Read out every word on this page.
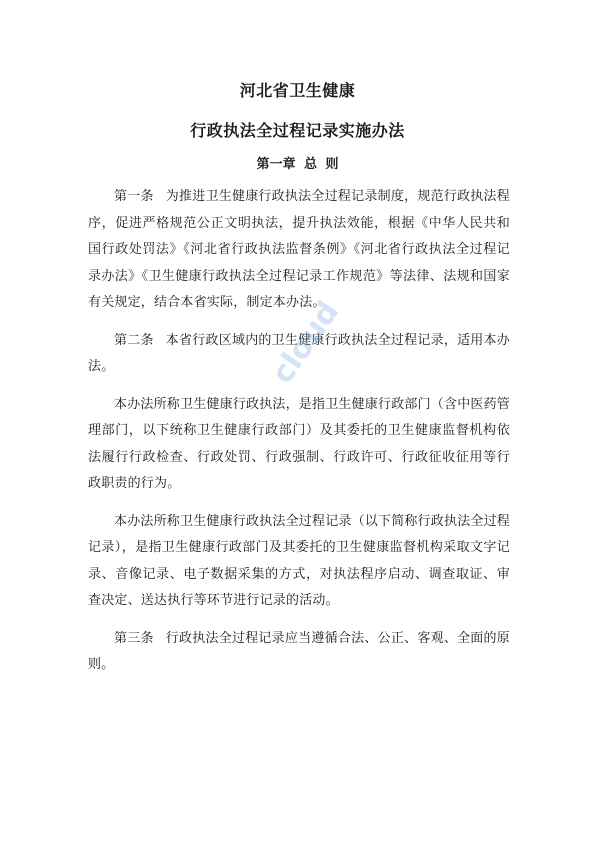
河北省卫生健康
行政执法全过程记录实施办法
第一章 总 则

第一条 为推进卫生健康行政执法全过程记录制度，规范行政执法程序，促进严格规范公正文明执法，提升执法效能，根据《中华人民共和国行政处罚法》《河北省行政执法监督条例》《河北省行政执法全过程记录办法》《卫生健康行政执法全过程记录工作规范》等法律、法规和国家有关规定，结合本省实际，制定本办法。

第二条 本省行政区域内的卫生健康行政执法全过程记录，适用本办法。

本办法所称卫生健康行政执法，是指卫生健康行政部门（含中医药管理部门，以下统称卫生健康行政部门）及其委托的卫生健康监督机构依法履行行政检查、行政处罚、行政强制、行政许可、行政征收征用等行政职责的行为。

本办法所称卫生健康行政执法全过程记录（以下简称行政执法全过程记录），是指卫生健康行政部门及其委托的卫生健康监督机构采取文字记录、音像记录、电子数据采集的方式，对执法程序启动、调查取证、审查决定、送达执行等环节进行记录的活动。

第三条 行政执法全过程记录应当遵循合法、公正、客观、全面的原则。

cloud
